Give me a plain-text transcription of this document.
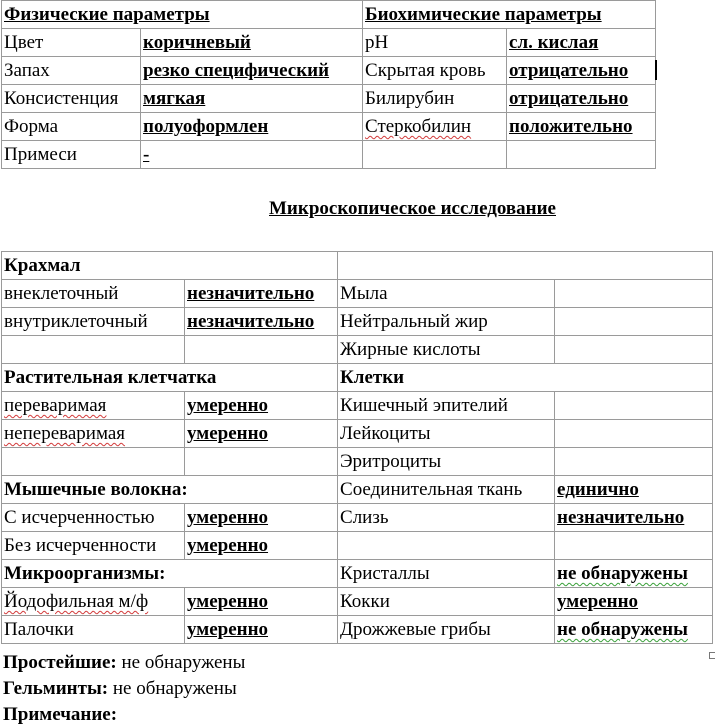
Физические параметры		Биохимические параметры	
Цвет	коричневый	pH	сл. кислая
Запах	резко специфический	Скрытая кровь	отрицательно
Консистенция	мягкая	Билирубин	отрицательно
Форма	полуоформлен	Стеркобилин	положительно
Примеси	-		
Микроскопическое исследование
Крахмал			
внеклеточный	незначительно	Мыла	
внутриклеточный	незначительно	Нейтральный жир	
		Жирные кислоты	
Растительная клетчатка		Клетки	
переваримая	умеренно	Кишечный эпителий	
непереваримая	умеренно	Лейкоциты	
		Эритроциты	
Мышечные волокна:		Соединительная ткань	единично
С исчерченностью	умеренно	Слизь	незначительно
Без исчерченности	умеренно		
Микроорганизмы:		Кристаллы	не обнаружены
Йодофильная м/ф	умеренно	Кокки	умеренно
Палочки	умеренно	Дрожжевые грибы	не обнаружены
Простейшие: не обнаружены
Гельминты: не обнаружены
Примечание:
